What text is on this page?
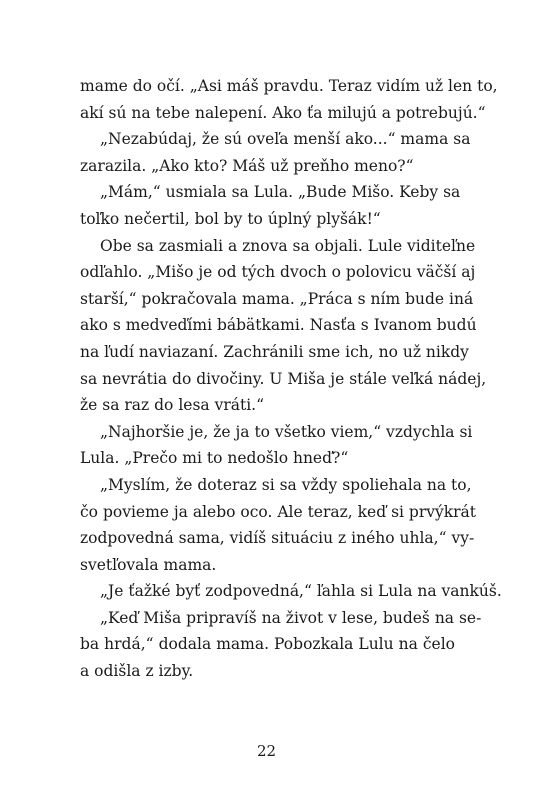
mame do očí. „Asi máš pravdu. Teraz vidím už len to,
akí sú na tebe nalepení. Ako ťa milujú a potrebujú.“
„Nezabúdaj, že sú oveľa menší ako...“ mama sa
zarazila. „Ako kto? Máš už preňho meno?“
„Mám,“ usmiala sa Lula. „Bude Mišo. Keby sa
toľko nečertil, bol by to úplný plyšák!“
Obe sa zasmiali a znova sa objali. Lule viditeľne
odľahlo. „Mišo je od tých dvoch o polovicu väčší aj
starší,“ pokračovala mama. „Práca s ním bude iná
ako s medveďími bábätkami. Nasťa s Ivanom budú
na ľudí naviazaní. Zachránili sme ich, no už nikdy
sa nevrátia do divočiny. U Miša je stále veľká nádej,
že sa raz do lesa vráti.“
„Najhoršie je, že ja to všetko viem,“ vzdychla si
Lula. „Prečo mi to nedošlo hneď?“
„Myslím, že doteraz si sa vždy spoliehala na to,
čo povieme ja alebo oco. Ale teraz, keď si prvýkrát
zodpovedná sama, vidíš situáciu z iného uhla,“ vy-
svetľovala mama.
„Je ťažké byť zodpovedná,“ ľahla si Lula na vankúš.
„Keď Miša pripravíš na život v lese, budeš na se-
ba hrdá,“ dodala mama. Pobozkala Lulu na čelo
a odišla z izby.
22
